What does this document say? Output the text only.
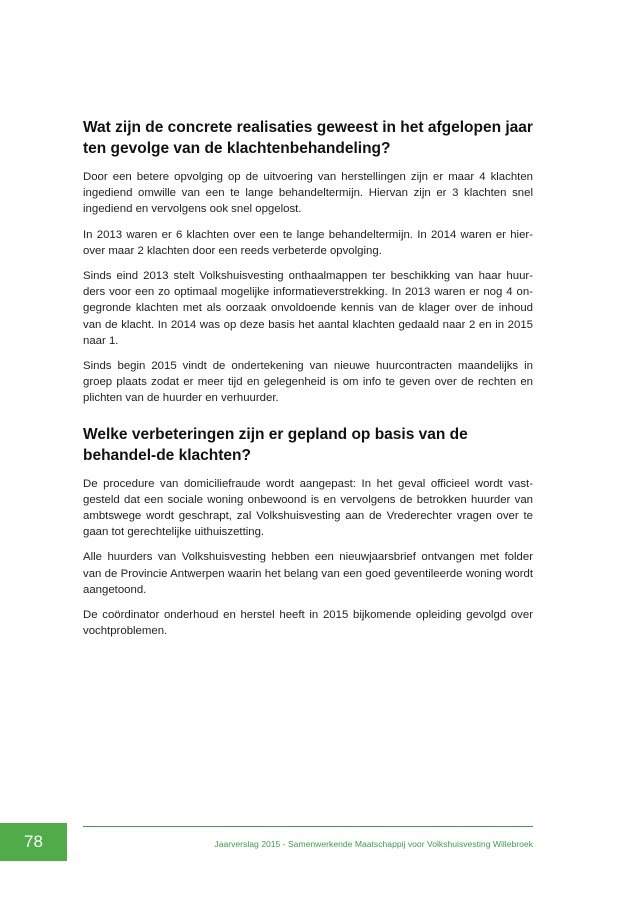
Wat zijn de concrete realisaties geweest in het afgelopen jaar ten gevolge van de klachtenbehandeling?

Door een betere opvolging op de uitvoering van herstellingen zijn er maar 4 klachten ingediend omwille van een te lange behandeltermijn. Hiervan zijn er 3 klachten snel ingediend en vervolgens ook snel opgelost.

In 2013 waren er 6 klachten over een te lange behandeltermijn. In 2014 waren er hier-over maar 2 klachten door een reeds verbeterde opvolging.

Sinds eind 2013 stelt Volkshuisvesting onthaalmappen ter beschikking van haar huur-ders voor een zo optimaal mogelijke informatieverstrekking. In 2013 waren er nog 4 on-gegronde klachten met als oorzaak onvoldoende kennis van de klager over de inhoud van de klacht. In 2014 was op deze basis het aantal klachten gedaald naar 2 en in 2015 naar 1.

Sinds begin 2015 vindt de ondertekening van nieuwe huurcontracten maandelijks in groep plaats zodat er meer tijd en gelegenheid is om info te geven over de rechten en plichten van de huurder en verhuurder.

Welke verbeteringen zijn er gepland op basis van de behandel-de klachten?

De procedure van domiciliefraude wordt aangepast: In het geval officieel wordt vast-gesteld dat een sociale woning onbewoond is en vervolgens de betrokken huurder van ambtswege wordt geschrapt, zal Volkshuisvesting aan de Vrederechter vragen over te gaan tot gerechtelijke uithuiszetting.

Alle huurders van Volkshuisvesting hebben een nieuwjaarsbrief ontvangen met folder van de Provincie Antwerpen waarin het belang van een goed geventileerde woning wordt aangetoond.

De coördinator onderhoud en herstel heeft in 2015 bijkomende opleiding gevolgd over vochtproblemen.

78	Jaarverslag 2015 - Samenwerkende Maatschappij voor Volkshuisvesting Willebroek
